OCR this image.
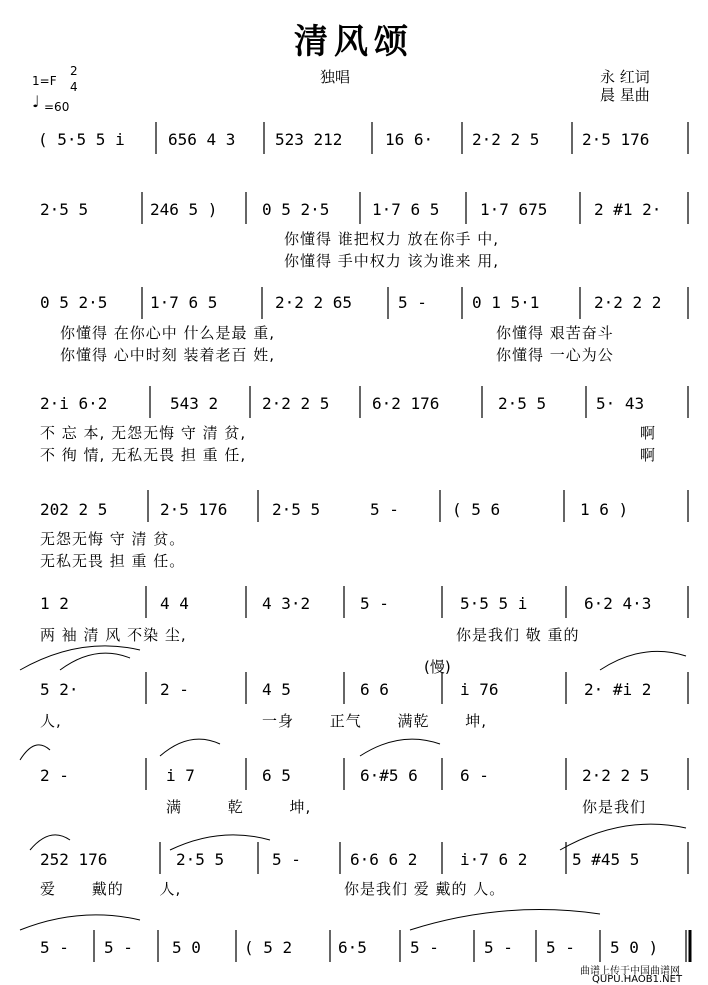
清风颂
独唱	永 红词
晨 星曲
1=F
2
4
♩ =60
( 5·5 5 i	656 4 3 523 212	16 6· 2·2 2 5	2·5 176
2·5 5	246 5 )	0 5 2·5	1·7 6 5	1·7 675	2 #1 2·
你懂得 谁把权力 放在你手 中,
你懂得 手中权力 该为谁来 用,
0 5 2·5	1·7 6 5	2·2 2 65	5 -	0 1 5·1	2·2 2 2
你懂得 在你心中 什么是最 重,	你懂得 艰苦奋斗
你懂得 心中时刻 装着老百 姓,	你懂得 一心为公
2·i 6·2	543 2	2·2 2 5	6·2 176	2·5 5	5· 43
不 忘 本, 无怨无悔 守 清 贫,	啊
不 徇 情, 无私无畏 担 重 任,	啊
202 2 5	2·5 176	2·5 5	5 -	( 5 6	1 6 )
无怨无悔 守 清 贫。
无私无畏 担 重 任。
1 2	4 4	4 3·2	5 -	5·5 5 i	6·2 4·3
两 袖 清 风 不染 尘,	你是我们 敬 重的
(慢)
5 2·	2 -	4 5	6 6	i 76	2· #i 2
人,	一身 正气 满乾 坤,
2 -	i 7	6 5	6·#5 6	6 -	2·2 2 5
满 乾 坤,	你是我们
252 176	2·5 5	5 -	6·6 6 2	i·7 6 2	5 #45 5
爱 戴的 人,	你是我们 爱 戴的 人。
5 - 5 - 5 0	( 5 2	6·5	5 -	5 - 5 - 5 0 )
曲谱上传于中国曲谱网
QUPU.HAOB1.NET
